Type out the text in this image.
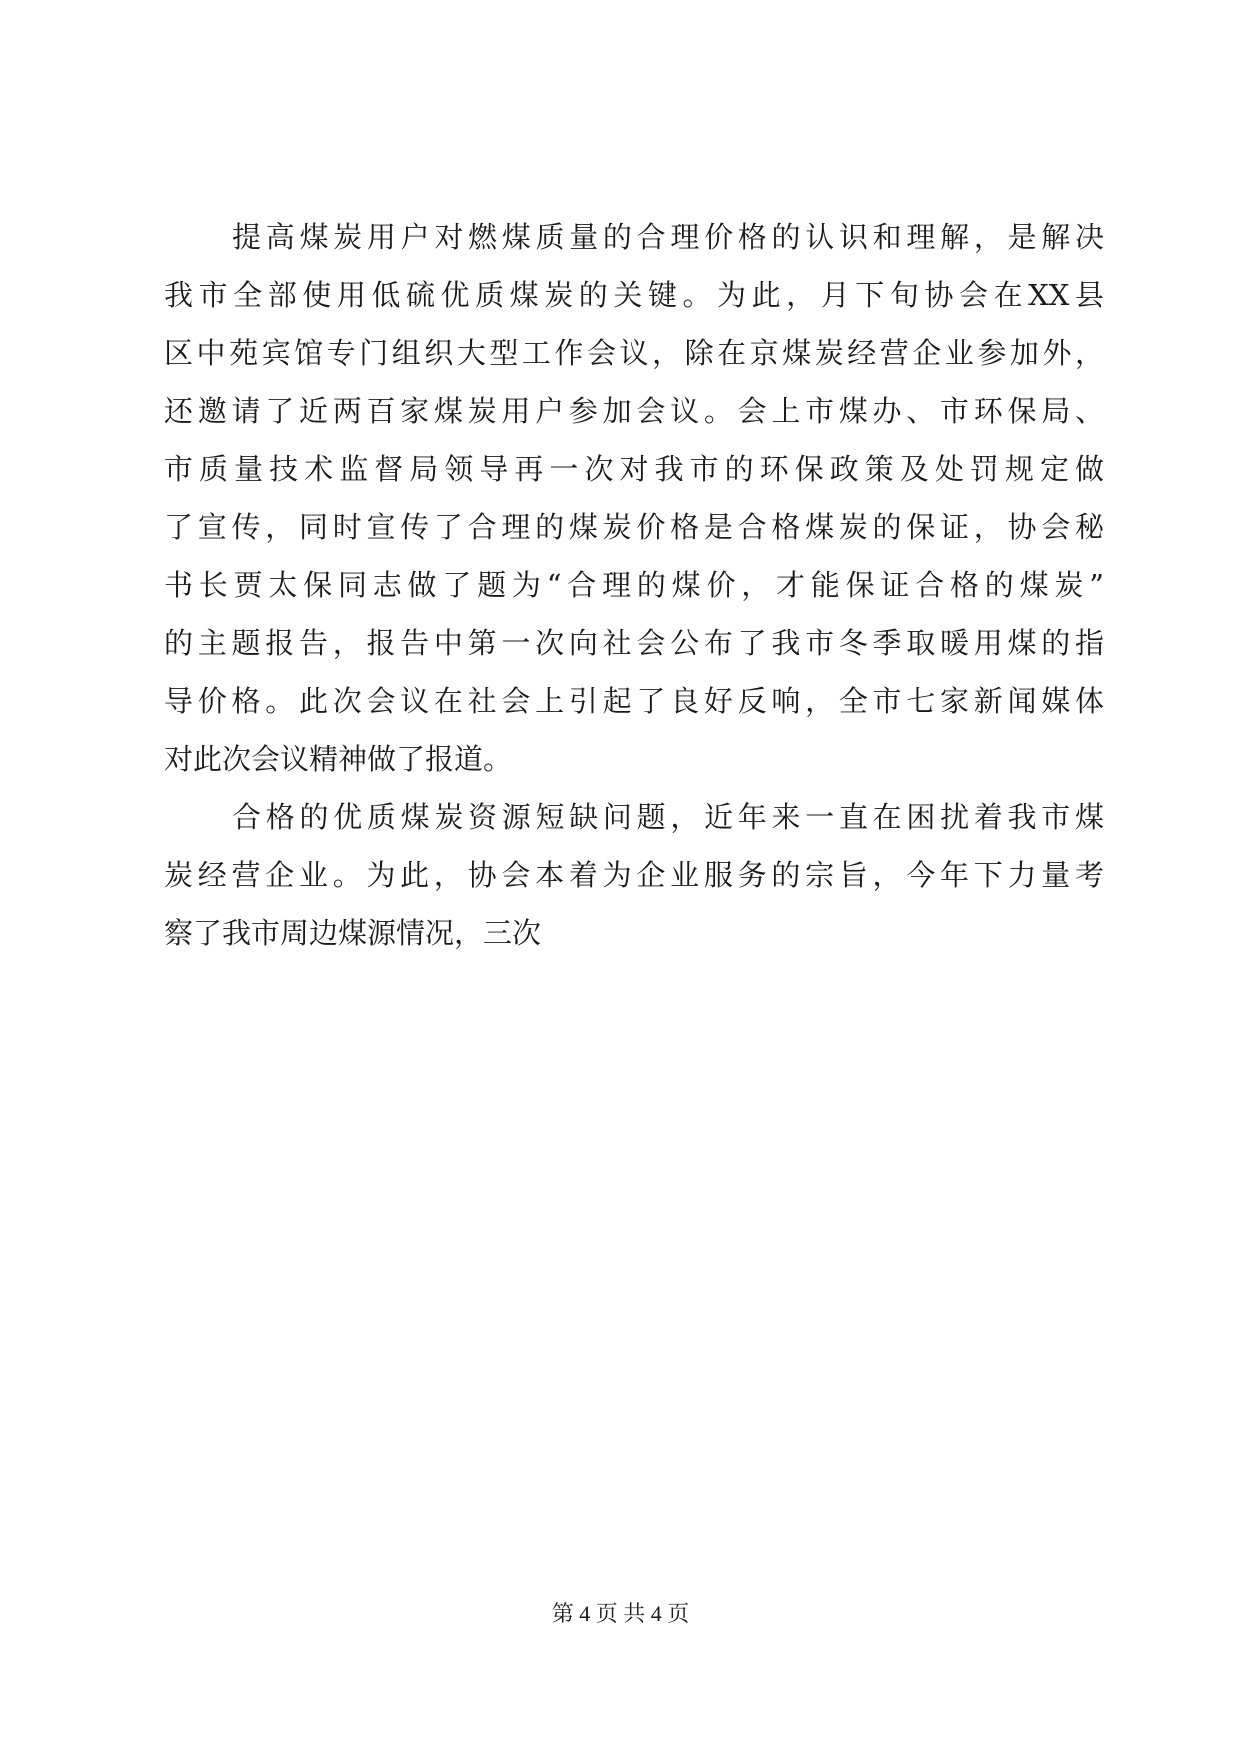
提高煤炭用户对燃煤质量的合理价格的认识和理解，是解决
我市全部使用低硫优质煤炭的关键。为此，月下旬协会在XX县
区中苑宾馆专门组织大型工作会议，除在京煤炭经营企业参加外，
还邀请了近两百家煤炭用户参加会议。会上市煤办、市环保局、
市质量技术监督局领导再一次对我市的环保政策及处罚规定做
了宣传，同时宣传了合理的煤炭价格是合格煤炭的保证，协会秘
书长贾太保同志做了题为“合理的煤价，才能保证合格的煤炭”
的主题报告，报告中第一次向社会公布了我市冬季取暖用煤的指
导价格。此次会议在社会上引起了良好反响，全市七家新闻媒体
对此次会议精神做了报道。
合格的优质煤炭资源短缺问题，近年来一直在困扰着我市煤
炭经营企业。为此，协会本着为企业服务的宗旨，今年下力量考
察了我市周边煤源情况，三次
第 4 页 共 4 页
